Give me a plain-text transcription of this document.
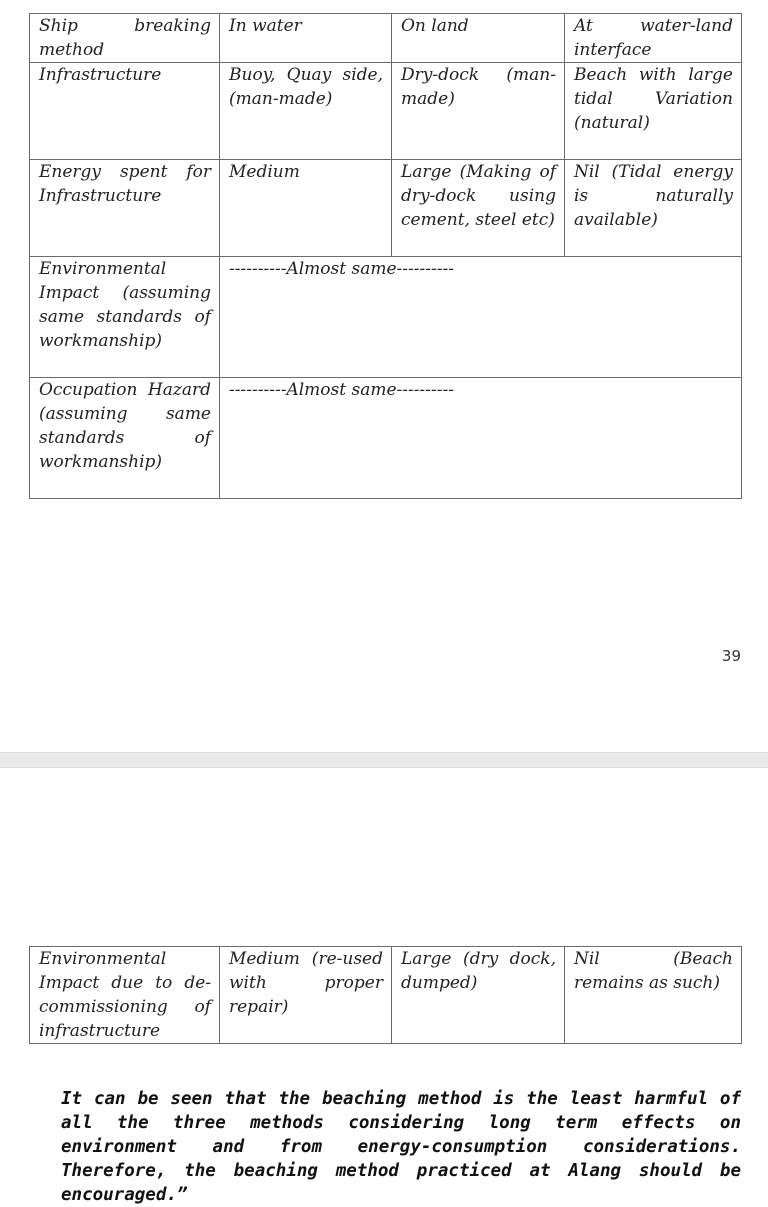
Ship breaking method	In water	On land	At water-land interface
Infrastructure	Buoy, Quay side, (man-made)	Dry-dock (man-made)	Beach with large tidal Variation (natural)
Energy spent for Infrastructure	Medium	Large (Making of dry-dock using cement, steel etc)	Nil (Tidal energy is naturally available)
Environmental Impact (assuming same standards of workmanship)	----------Almost same----------		
Occupation Hazard (assuming same standards of workmanship)	----------Almost same----------		
39
Environmental Impact due to de-commissioning of infrastructure	Medium (re-used with proper repair)	Large (dry dock, dumped)	Nil (Beach remains as such)

It can be seen that the beaching method is the least harmful of all the three methods considering long term effects on environment and from energy-consumption considerations. Therefore, the beaching method practiced at Alang should be encouraged.”
